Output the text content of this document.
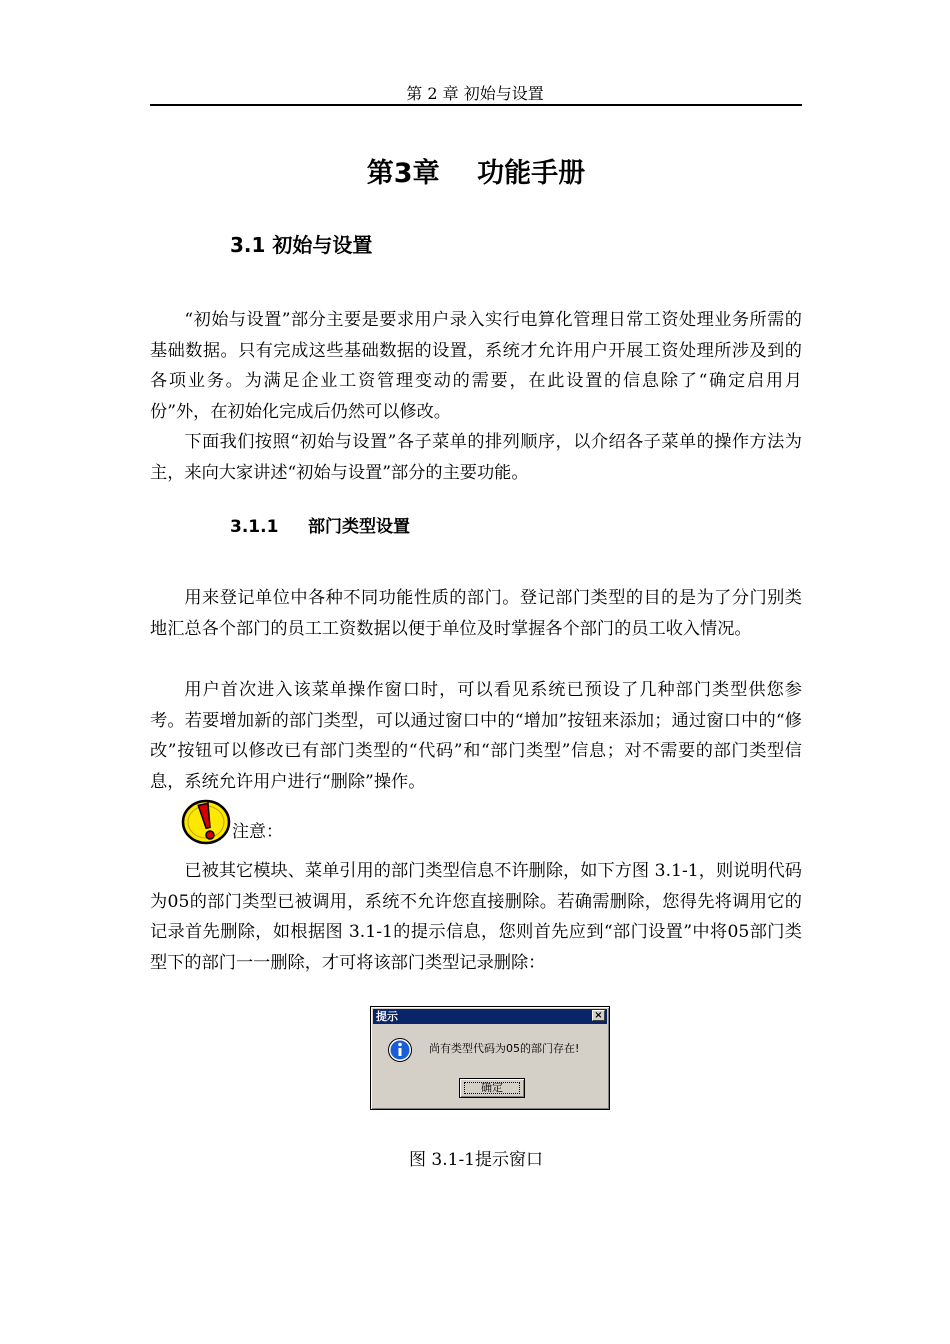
第 2 章 初始与设置
第3章    功能手册
3.1 初始与设置

“初始与设置”部分主要是要求用户录入实行电算化管理日常工资处理业务所需的基础数据。只有完成这些基础数据的设置，系统才允许用户开展工资处理所涉及到的各项业务。为满足企业工资管理变动的需要，在此设置的信息除了“确定启用月份”外，在初始化完成后仍然可以修改。

下面我们按照“初始与设置”各子菜单的排列顺序，以介绍各子菜单的操作方法为主，来向大家讲述“初始与设置”部分的主要功能。

3.1.1     部门类型设置

用来登记单位中各种不同功能性质的部门。登记部门类型的目的是为了分门别类地汇总各个部门的员工工资数据以便于单位及时掌握各个部门的员工收入情况。

用户首次进入该菜单操作窗口时，可以看见系统已预设了几种部门类型供您参考。若要增加新的部门类型，可以通过窗口中的“增加”按钮来添加；通过窗口中的“修改”按钮可以修改已有部门类型的“代码”和“部门类型”信息；对不需要的部门类型信息，系统允许用户进行“删除”操作。

注意：

已被其它模块、菜单引用的部门类型信息不许删除，如下方图 3.1-1，则说明代码为05的部门类型已被调用，系统不允许您直接删除。若确需删除，您得先将调用它的记录首先删除，如根据图 3.1-1的提示信息，您则首先应到“部门设置”中将05部门类型下的部门一一删除，才可将该部门类型记录删除：

提示	×
尚有类型代码为05的部门存在!
确定
图 3.1-1提示窗口
